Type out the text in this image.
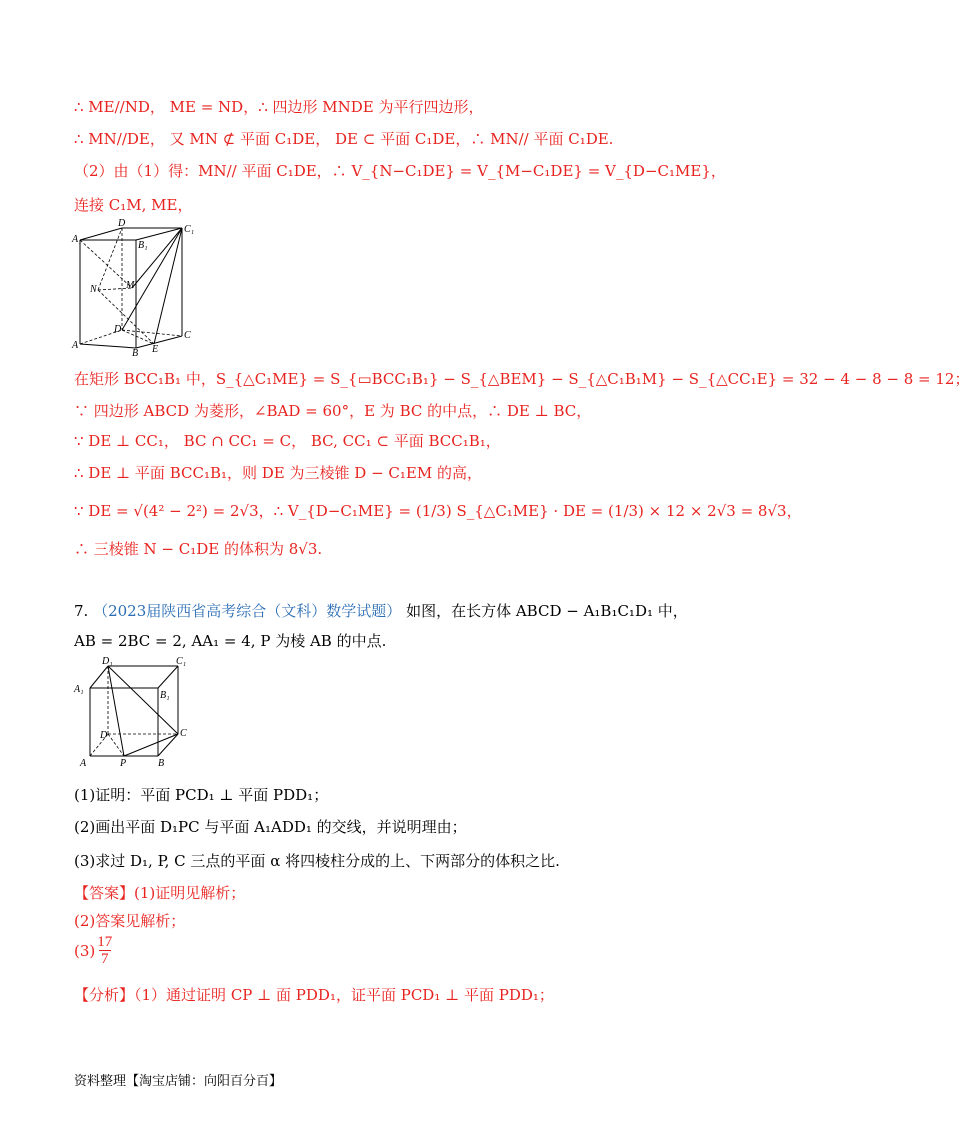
∴ ME//ND， ME = ND，∴ 四边形 MNDE 为平行四边形，
∴ MN//DE， 又 MN ⊄ 平面 C₁DE， DE ⊂ 平面 C₁DE，∴ MN// 平面 C₁DE.
（2）由（1）得：MN// 平面 C₁DE，∴ V_{N−C₁DE} = V_{M−C₁DE} = V_{D−C₁ME}，
连接 C₁M, ME，
A₁
D
B₁
C₁
N	M
D
A
B E
C
在矩形 BCC₁B₁ 中，S_{△C₁ME} = S_{▭BCC₁B₁} − S_{△BEM} − S_{△C₁B₁M} − S_{△CC₁E} = 32 − 4 − 8 − 8 = 12；
∵ 四边形 ABCD 为菱形，∠BAD = 60°，E 为 BC 的中点，∴ DE ⊥ BC，
∵ DE ⊥ CC₁， BC ∩ CC₁ = C， BC, CC₁ ⊂ 平面 BCC₁B₁，
∴ DE ⊥ 平面 BCC₁B₁，则 DE 为三棱锥 D − C₁EM 的高，
∵ DE = √(4² − 2²) = 2√3，∴ V_{D−C₁ME} = (1/3) S_{△C₁ME} · DE = (1/3) × 12 × 2√3 = 8√3，
∴ 三棱锥 N − C₁DE 的体积为 8√3.
7. （2023届陕西省高考综合（文科）数学试题） 如图，在长方体 ABCD − A₁B₁C₁D₁ 中，
AB = 2BC = 2, AA₁ = 4, P 为棱 AB 的中点.
D₁	C₁
A₁
B₁
D	C
A	P	B
(1)证明：平面 PCD₁ ⊥ 平面 PDD₁；
(2)画出平面 D₁PC 与平面 A₁ADD₁ 的交线，并说明理由；
(3)求过 D₁, P, C 三点的平面 α 将四棱柱分成的上、下两部分的体积之比.
【答案】(1)证明见解析；
(2)答案见解析；
$(3) \frac{17}{7}$
【分析】（1）通过证明 CP ⊥ 面 PDD₁，证平面 PCD₁ ⊥ 平面 PDD₁；
资料整理【淘宝店铺：向阳百分百】
